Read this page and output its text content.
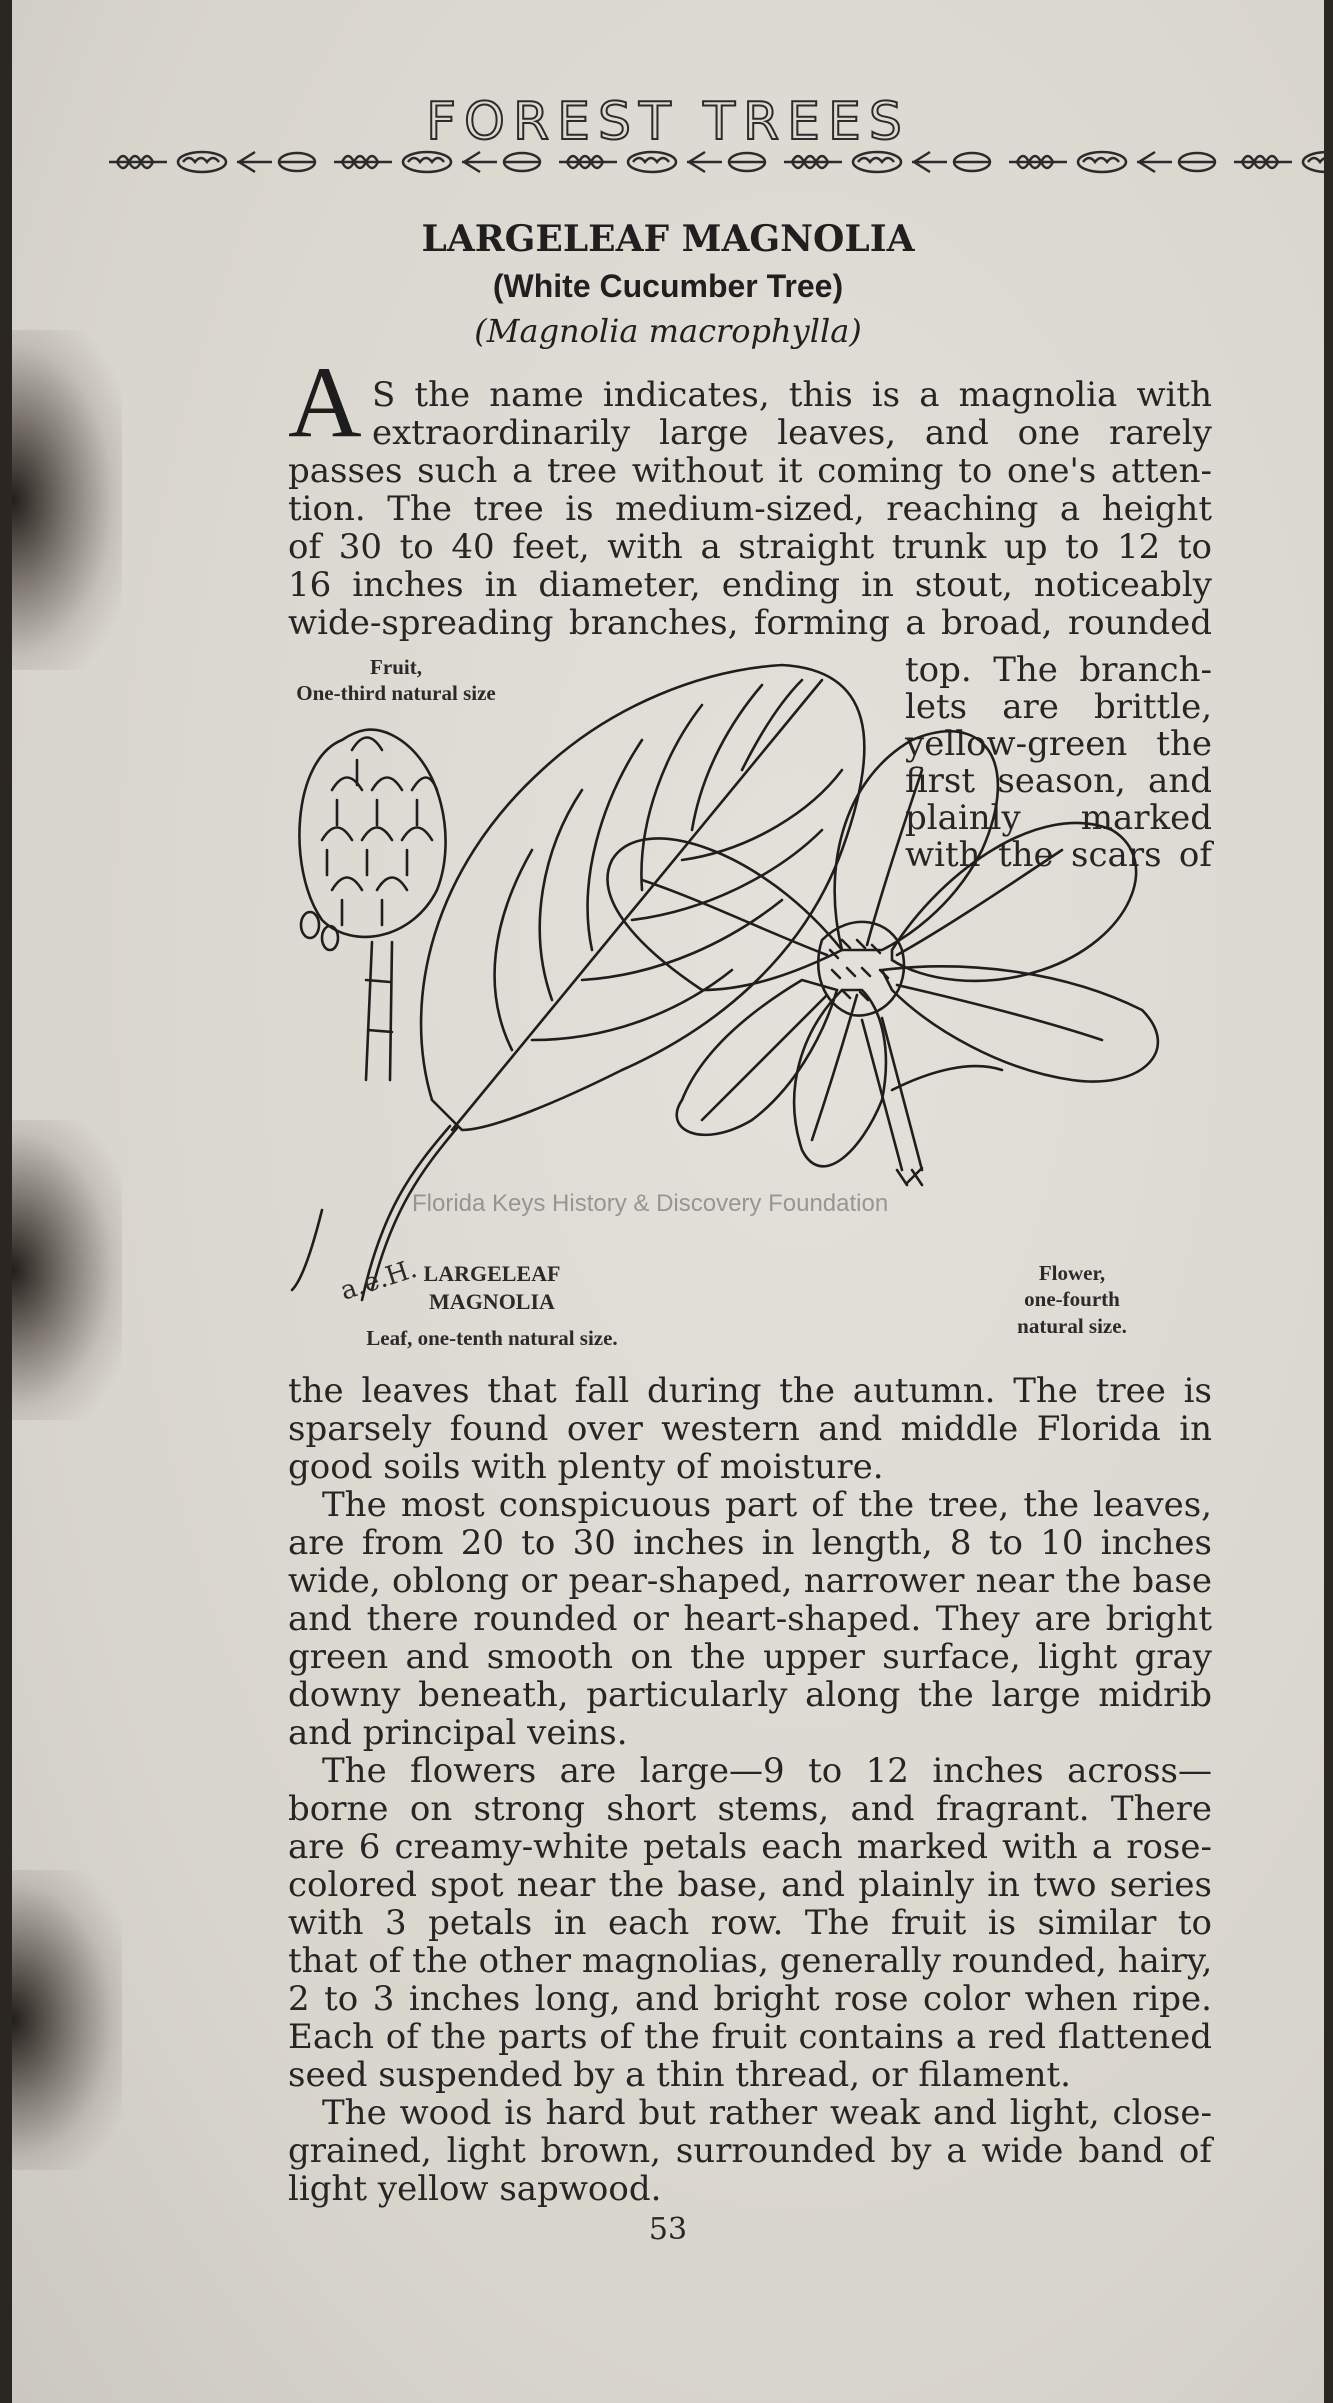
FOREST TREES
LARGELEAF MAGNOLIA
(White Cucumber Tree)
(Magnolia macrophylla)
A S the name indicates, this is a magnolia with

extraordinarily large leaves, and one rarely

passes such a tree without it coming to one's atten-

tion. The tree is medium-sized, reaching a height

of 30 to 40 feet, with a straight trunk up to 12 to

16 inches in diameter, ending in stout, noticeably

wide-spreading branches, forming a broad, rounded

top. The branch-

lets are brittle,

yellow-green the

first season, and

plainly marked

with the scars of

a.e.H.
Fruit,
One-third natural size
LARGELEAF
MAGNOLIA
Leaf, one-tenth natural size.
Flower,
one-fourth
natural size.
Florida Keys History & Discovery Foundation

the leaves that fall during the autumn. The tree is

sparsely found over western and middle Florida in

good soils with plenty of moisture.

The most conspicuous part of the tree, the leaves,

are from 20 to 30 inches in length, 8 to 10 inches

wide, oblong or pear-shaped, narrower near the base

and there rounded or heart-shaped. They are bright

green and smooth on the upper surface, light gray

downy beneath, particularly along the large midrib

and principal veins.

The flowers are large—9 to 12 inches across—

borne on strong short stems, and fragrant. There

are 6 creamy-white petals each marked with a rose-

colored spot near the base, and plainly in two series

with 3 petals in each row. The fruit is similar to

that of the other magnolias, generally rounded, hairy,

2 to 3 inches long, and bright rose color when ripe.

Each of the parts of the fruit contains a red flattened

seed suspended by a thin thread, or filament.

The wood is hard but rather weak and light, close-

grained, light brown, surrounded by a wide band of

light yellow sapwood.

53
